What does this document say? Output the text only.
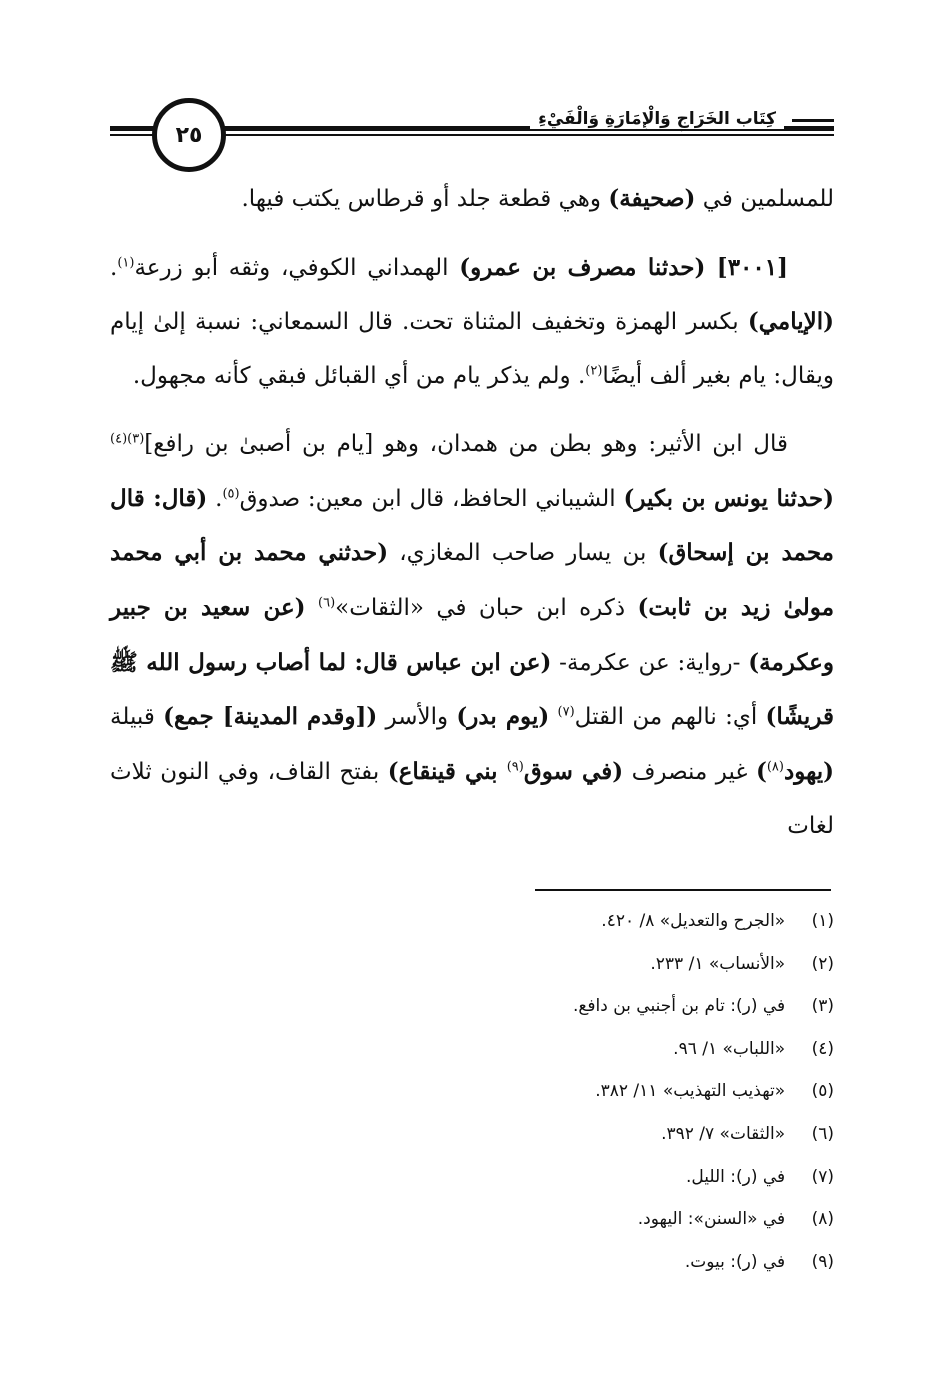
كِتَاب الخَرَاجِ وَالْإِمَارَةِ وَالْفَيْءِ
٢٥

للمسلمين في (صحيفة) وهي قطعة جلد أو قرطاس يكتب فيها.

[٣٠٠١] (حدثنا مصرف بن عمرو) الهمداني الكوفي، وثقه أبو زرعة$^{(١)}$. (الإيامي) بكسر الهمزة وتخفيف المثناة تحت. قال السمعاني: نسبة إلىٰ إيام ويقال: يام بغير ألف أيضًا$^{(٢)}$. ولم يذكر يام من أي القبائل فبقي كأنه مجهول.

قال ابن الأثير: وهو بطن من همدان، وهو [يام بن أصبىٰ بن رافع]$^{(٣)(٤)}$ (حدثنا يونس بن بكير) الشيباني الحافظ، قال ابن معين: صدوق$^{(٥)}$. (قال: قال محمد بن إسحاق) بن يسار صاحب المغازي، (حدثني محمد بن أبي محمد مولىٰ زيد بن ثابت) ذكره ابن حبان في «الثقات»$^{(٦)}$ (عن سعيد بن جبير وعكرمة) -رواية: عن عكرمة- (عن ابن عباس قال: لما أصاب رسول الله ﷺ قريشًا) أي: نالهم من القتل$^{(٧)}$ (يوم بدر) والأسر ([وقدم المدينة] جمع) قبيلة (يهود$^{(٨)}$) غير منصرف (في سوق$^{(٩)}$ بني قينقاع) بفتح القاف، وفي النون ثلاث لغات

(١)  «الجرح والتعديل» ٨/ ٤٢٠.
(٢)  «الأنساب» ١/ ٢٣٣.
(٣)  في (ر): تام بن أجنبي بن دافع.
(٤)  «اللباب» ١/ ٩٦.
(٥)  «تهذيب التهذيب» ١١/ ٣٨٢.
(٦)  «الثقات» ٧/ ٣٩٢.
(٧)  في (ر): الليل.
(٨)  في «السنن»: اليهود.
(٩)  في (ر): بيوت.
